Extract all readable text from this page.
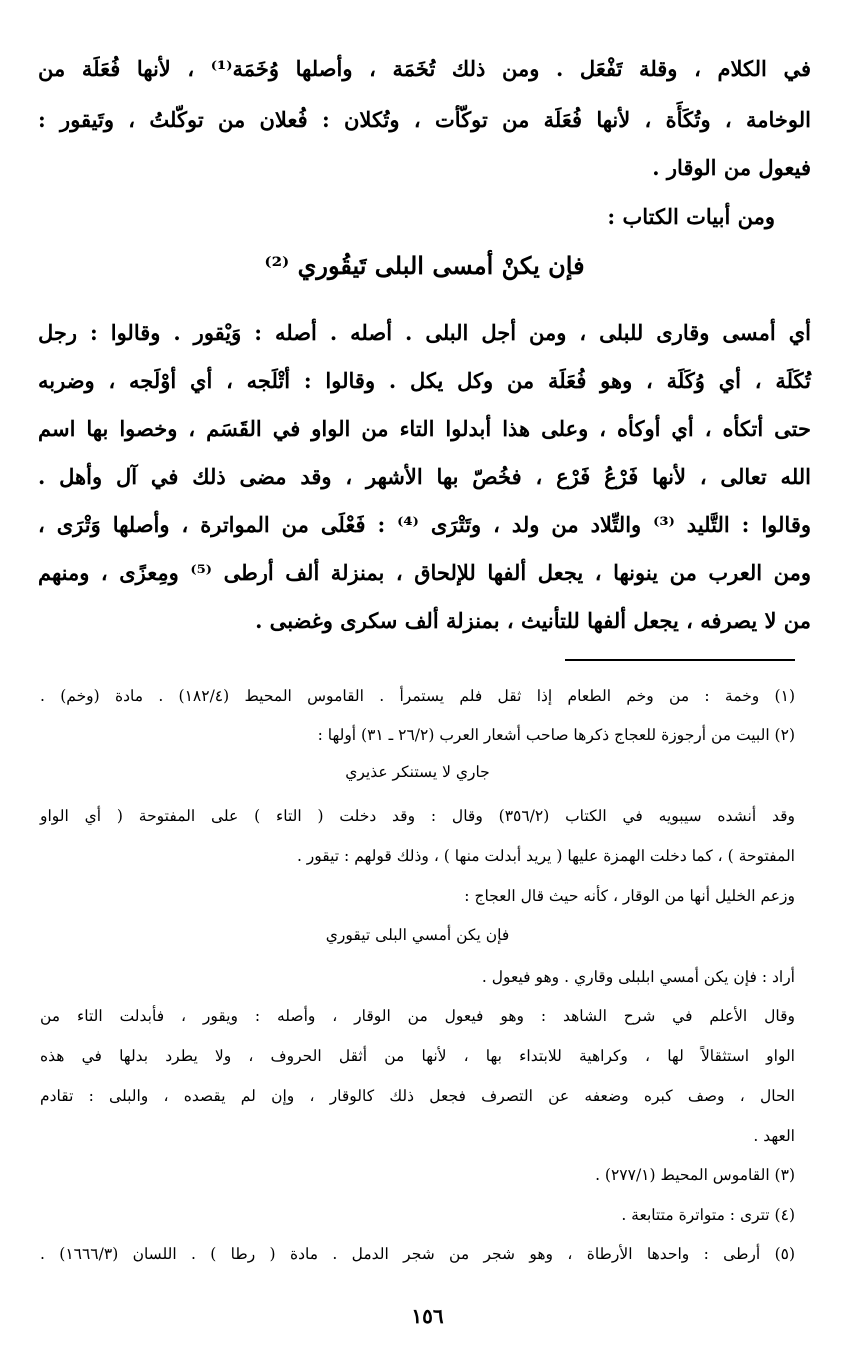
في الكلام ، وقلة تَفْعَل . ومن ذلك تُخَمَة ، وأصلها وُخَمَة⁽¹⁾ ، لأنها فُعَلَة من
الوخامة ، وتُكَأَة ، لأنها فُعَلَة من توكّأت ، وتُكلان : فُعلان من توكّلتُ ، وتَيقور :
فيعول من الوقار .
ومن أبيات الكتاب :
فإن يكنْ أمسى البلى تَيقُوري ⁽²⁾
أي أمسى وقارى للبلى ، ومن أجل البلى . أصله . أصله : وَيْقور . وقالوا : رجل
تُكَلَة ، أي وُكَلَة ، وهو فُعَلَة من وكل يكل . وقالوا : أتْلَجه ، أي أوْلَجه ، وضربه
حتى أتكأه ، أي أوكأه ، وعلى هذا أبدلوا التاء من الواو في القَسَم ، وخصوا بها اسم
الله تعالى ، لأنها فَرْعُ فَرْع ، فخُصّ بها الأشهر ، وقد مضى ذلك في آل وأهل .
وقالوا : التَّليد ⁽³⁾ والتِّلاد من ولد ، وتَتْرَى ⁽⁴⁾ : فَعْلَى من المواترة ، وأصلها وَتْرَى ،
ومن العرب من ينونها ، يجعل ألفها للإلحاق ، بمنزلة ألف أرطى ⁽⁵⁾ ومِعزًى ، ومنهم
من لا يصرفه ، يجعل ألفها للتأنيث ، بمنزلة ألف سكرى وغضبى .
(١) وخمة : من وخم الطعام إذا ثقل فلم يستمرأ . القاموس المحيط (١٨٢/٤) . مادة (وخم) .
(٢) البيت من أرجوزة للعجاج ذكرها صاحب أشعار العرب (٢٦/٢ ـ ٣١) أولها :
جاري لا يستنكر عذيري
وقد أنشده سيبويه في الكتاب (٣٥٦/٢) وقال : وقد دخلت ( التاء ) على المفتوحة ( أي الواو
المفتوحة ) ، كما دخلت الهمزة عليها ( يريد أبدلت منها ) ، وذلك قولهم : تيقور .
وزعم الخليل أنها من الوقار ، كأنه حيث قال العجاج :
فإن يكن أمسي البلى تيقوري
أراد : فإن يكن أمسي ابلبلى وقاري . وهو فيعول .
وقال الأعلم في شرح الشاهد : وهو فيعول من الوقار ، وأصله : ويقور ، فأبدلت التاء من
الواو استثقالاً لها ، وكراهية للابتداء بها ، لأنها من أثقل الحروف ، ولا يطرد بدلها في هذه
الحال ، وصف كبره وضعفه عن التصرف فجعل ذلك كالوقار ، وإن لم يقصده ، والبلى : تقادم
العهد .
(٣) القاموس المحيط (٢٧٧/١) .
(٤) تترى : متواترة متتابعة .
(٥) أرطى : واحدها الأرطاة ، وهو شجر من شجر الدمل . مادة ( رطا ) . اللسان (١٦٦٦/٣) .
١٥٦
